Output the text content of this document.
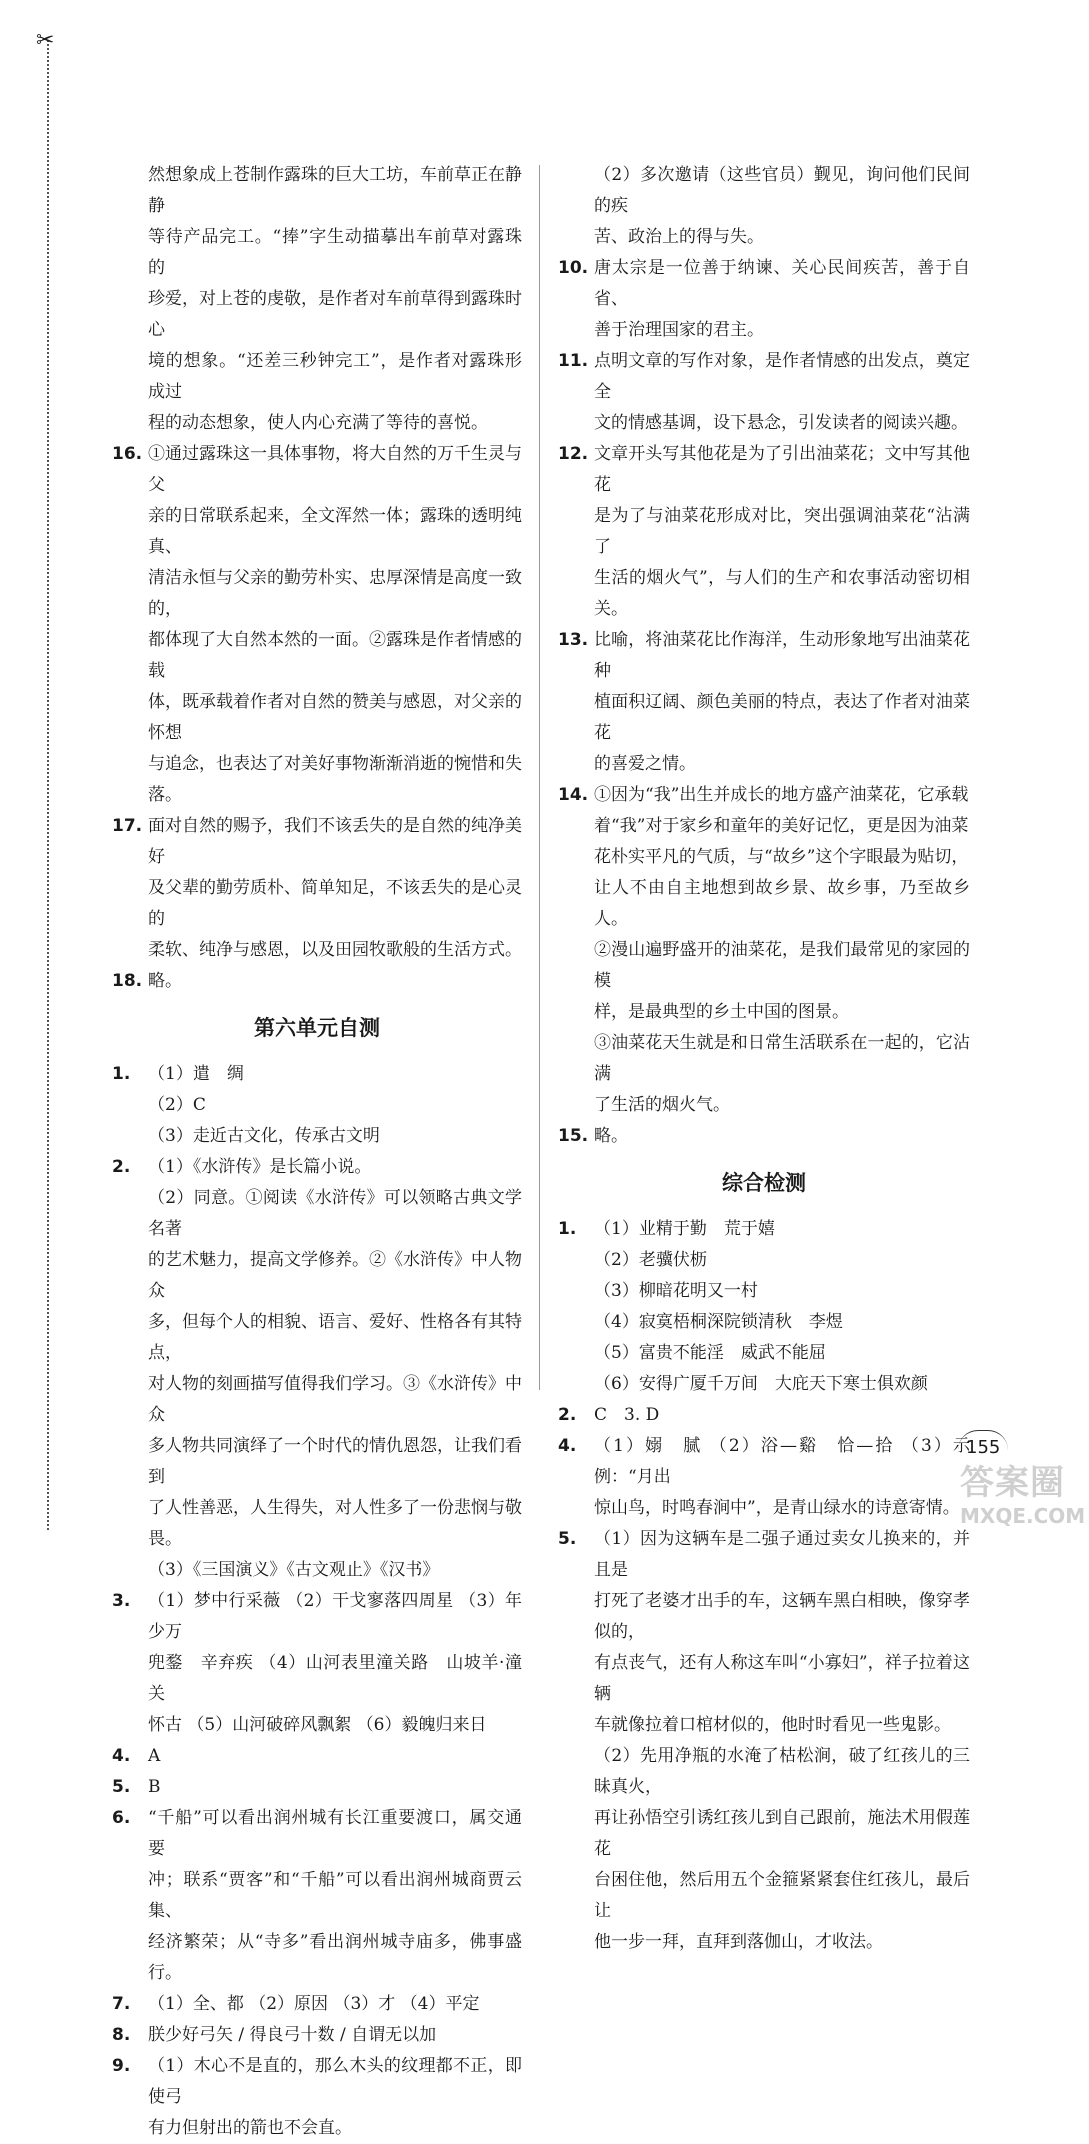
✂
然想象成上苍制作露珠的巨大工坊，车前草正在静静
等待产品完工。“捧”字生动描摹出车前草对露珠的
珍爱，对上苍的虔敬，是作者对车前草得到露珠时心
境的想象。“还差三秒钟完工”，是作者对露珠形成过
程的动态想象，使人内心充满了等待的喜悦。
16. ①通过露珠这一具体事物，将大自然的万千生灵与父
亲的日常联系起来，全文浑然一体；露珠的透明纯真、
清洁永恒与父亲的勤劳朴实、忠厚深情是高度一致的，
都体现了大自然本然的一面。②露珠是作者情感的载
体，既承载着作者对自然的赞美与感恩，对父亲的怀想
与追念，也表达了对美好事物渐渐消逝的惋惜和失落。
17. 面对自然的赐予，我们不该丢失的是自然的纯净美好
及父辈的勤劳质朴、简单知足，不该丢失的是心灵的
柔软、纯净与感恩，以及田园牧歌般的生活方式。
18. 略。
第六单元自测
1. （1）遣　绸
（2）C
（3）走近古文化，传承古文明
2. （1）《水浒传》是长篇小说。
（2）同意。①阅读《水浒传》可以领略古典文学名著
的艺术魅力，提高文学修养。②《水浒传》中人物众
多，但每个人的相貌、语言、爱好、性格各有其特点，
对人物的刻画描写值得我们学习。③《水浒传》中众
多人物共同演绎了一个时代的情仇恩怨，让我们看到
了人性善恶，人生得失，对人性多了一份悲悯与敬畏。
（3）《三国演义》《古文观止》《汉书》
3. （1）梦中行采薇 （2）干戈寥落四周星 （3）年少万
兜鍪　辛弃疾 （4）山河表里潼关路　山坡羊·潼关
怀古 （5）山河破碎风飘絮 （6）毅魄归来日
4. A
5. B
6. “千船”可以看出润州城有长江重要渡口，属交通要
冲；联系“贾客”和“千船”可以看出润州城商贾云集、
经济繁荣；从“寺多”看出润州城寺庙多，佛事盛行。
7. （1）全、都 （2）原因 （3）才 （4）平定
8. 朕少好弓矢 / 得良弓十数 / 自谓无以加
9. （1）木心不是直的，那么木头的纹理都不正，即使弓
有力但射出的箭也不会直。
（2）多次邀请（这些官员）觐见，询问他们民间的疾
苦、政治上的得与失。
10. 唐太宗是一位善于纳谏、关心民间疾苦，善于自省、
善于治理国家的君主。
11. 点明文章的写作对象，是作者情感的出发点，奠定全
文的情感基调，设下悬念，引发读者的阅读兴趣。
12. 文章开头写其他花是为了引出油菜花；文中写其他花
是为了与油菜花形成对比，突出强调油菜花“沾满了
生活的烟火气”，与人们的生产和农事活动密切相关。
13. 比喻，将油菜花比作海洋，生动形象地写出油菜花种
植面积辽阔、颜色美丽的特点，表达了作者对油菜花
的喜爱之情。
14. ①因为“我”出生并成长的地方盛产油菜花，它承载
着“我”对于家乡和童年的美好记忆，更是因为油菜
花朴实平凡的气质，与“故乡”这个字眼最为贴切，
让人不由自主地想到故乡景、故乡事，乃至故乡人。
②漫山遍野盛开的油菜花，是我们最常见的家园的模
样，是最典型的乡土中国的图景。
③油菜花天生就是和日常生活联系在一起的，它沾满
了生活的烟火气。
15. 略。
综合检测
1. （1）业精于勤　荒于嬉
（2）老骥伏枥
（3）柳暗花明又一村
（4）寂寞梧桐深院锁清秋　李煜
（5）富贵不能淫　威武不能屈
（6）安得广厦千万间　大庇天下寒士俱欢颜
2. C　3. D
4. （1）嫋　腻 （2）浴—谿　恰—拾 （3）示例：“月出
惊山鸟，时鸣春涧中”，是青山绿水的诗意寄情。
5. （1）因为这辆车是二强子通过卖女儿换来的，并且是
打死了老婆才出手的车，这辆车黑白相映，像穿孝似的，
有点丧气，还有人称这车叫“小寡妇”，祥子拉着这辆
车就像拉着口棺材似的，他时时看见一些鬼影。
（2）先用净瓶的水淹了枯松涧，破了红孩儿的三昧真火，
再让孙悟空引诱红孩儿到自己跟前，施法术用假莲花
台困住他，然后用五个金箍紧紧套住红孩儿，最后让
他一步一拜，直拜到落伽山，才收法。
155
答案圈
MXQE.COM
